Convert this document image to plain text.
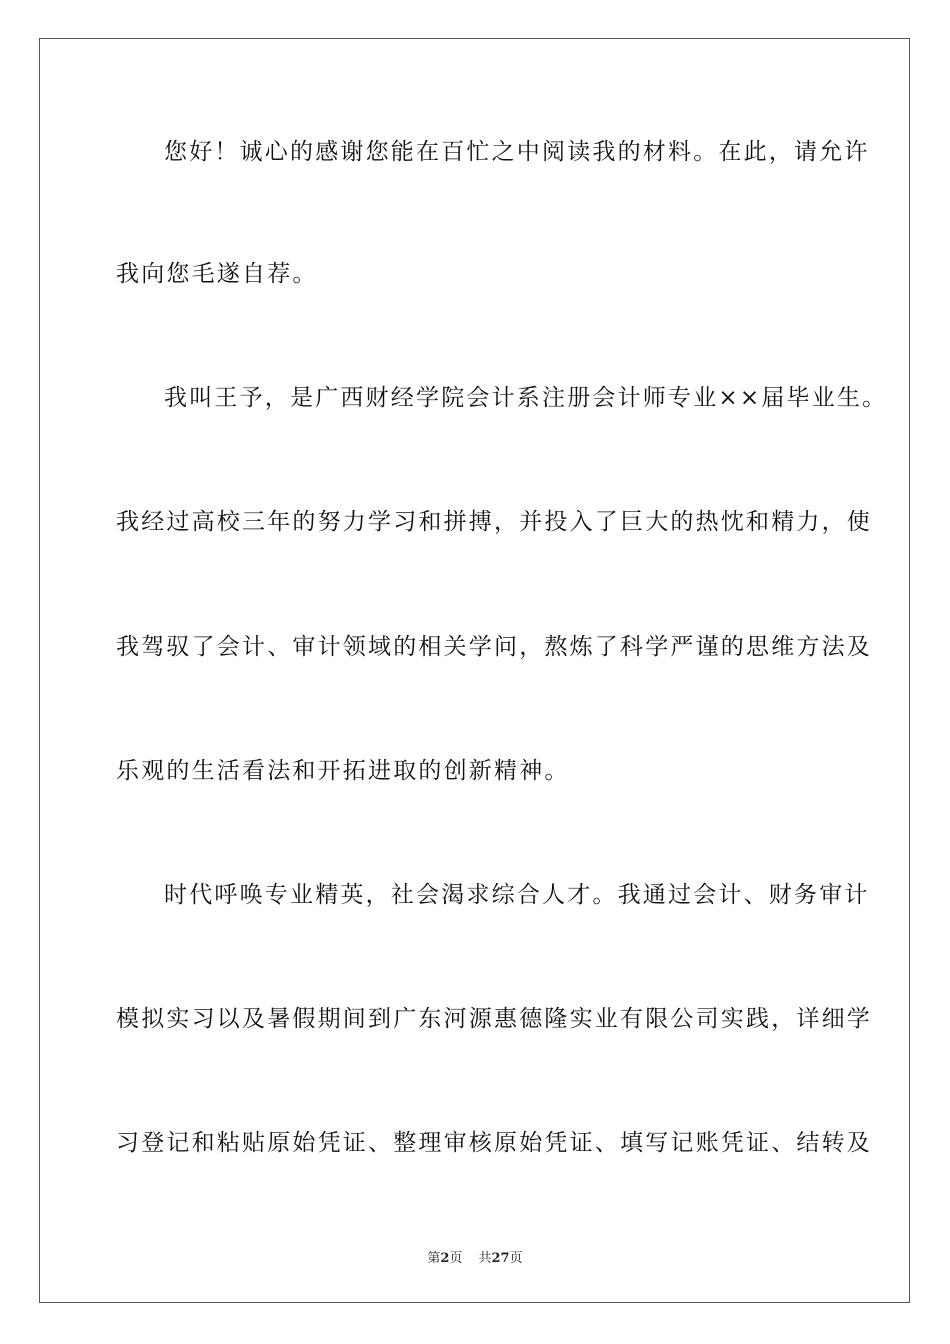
您好！诚心的感谢您能在百忙之中阅读我的材料。在此，请允许
我向您毛遂自荐。
我叫王予，是广西财经学院会计系注册会计师专业××届毕业生。
我经过高校三年的努力学习和拼搏，并投入了巨大的热忱和精力，使
我驾驭了会计、审计领域的相关学问，熬炼了科学严谨的思维方法及
乐观的生活看法和开拓进取的创新精神。
时代呼唤专业精英，社会渴求综合人才。我通过会计、财务审计
模拟实习以及暑假期间到广东河源惠德隆实业有限公司实践，详细学
习登记和粘贴原始凭证、整理审核原始凭证、填写记账凭证、结转及
第2页 共27页
